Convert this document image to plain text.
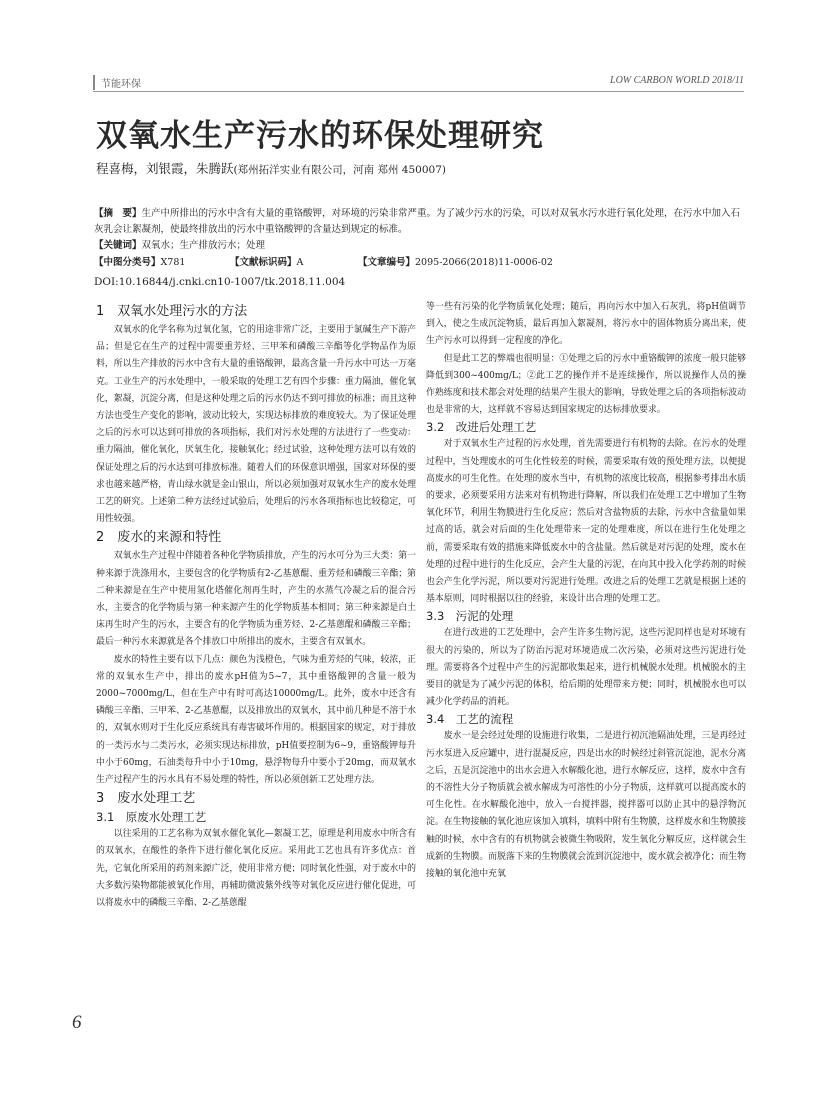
节能环保	LOW CARBON WORLD 2018/11
双氧水生产污水的环保处理研究
程喜梅，刘银霞，朱腾跃(郑州拓洋实业有限公司，河南 郑州 450007)
【摘　要】生产中所排出的污水中含有大量的重铬酸钾，对环境的污染非常严重。为了减少污水的污染，可以对双氧水污水进行氧化处理，在污水中加入石灰乳会让絮凝剂，使最终排放出的污水中重铬酸钾的含量达到规定的标准。
【关键词】双氧水；生产排放污水；处理
【中图分类号】X781	【文献标识码】A	【文章编号】2095-2066(2018)11-0006-02
DOI:10.16844/j.cnki.cn10-1007/tk.2018.11.004
1　双氧水处理污水的方法

双氧水的化学名称为过氧化氢，它的用途非常广泛，主要用于氯碱生产下游产品；但是它在生产的过程中需要重芳烃、三甲苯和磷酸三辛酯等化学物品作为原料，所以生产排放的污水中含有大量的重铬酸钾，最高含量一升污水中可达一万毫克。工业生产的污水处理中，一般采取的处理工艺有四个步骤：重力隔油，催化氧化，絮凝，沉淀分离，但是这种处理之后的污水仍达不到可排放的标准；而且这种方法也受生产变化的影响，波动比较大，实现达标排放的难度较大。为了保证处理之后的污水可以达到可排放的各项指标，我们对污水处理的方法进行了一些变动：重力隔油，催化氧化，厌氧生化，接触氧化；经过试验，这种处理方法可以有效的保证处理之后的污水达到可排放标准。随着人们的环保意识增强，国家对环保的要求也越来越严格，青山绿水就是金山银山，所以必须加强对双氧水生产的废水处理工艺的研究。上述第二种方法经过试验后，处理后的污水各项指标也比较稳定，可用性较强。

2　废水的来源和特性

双氧水生产过程中伴随着各种化学物质排放，产生的污水可分为三大类：第一种来源于洗涤用水，主要包含的化学物质有2-乙基蒽醌、重芳烃和磷酸三辛酯；第二种来源是在生产中使用氢化塔催化剂再生时，产生的水蒸气冷凝之后的混合污水，主要含的化学物质与第一种来源产生的化学物质基本相同；第三种来源是白土床再生时产生的污水，主要含有的化学物质为重芳烃、2-乙基蒽醌和磷酸三辛酯；最后一种污水来源就是各个排放口中所排出的废水，主要含有双氧水。

废水的特性主要有以下几点：颜色为浅橙色，气味为重芳烃的气味，较浓，正常的双氧水生产中，排出的废水pH值为5~7，其中重铬酸钾的含量一般为2000~7000mg/L，但在生产中有时可高达10000mg/L。此外，废水中还含有磷酸三辛酯、三甲苯、2-乙基蒽醌，以及排放出的双氧水，其中前几种是不溶于水的，双氧水则对于生化反应系统具有毒害破坏作用的。根据国家的规定，对于排放的一类污水与二类污水，必须实现达标排放，pH值要控制为6~9，重铬酸钾每升中小于60mg，石油类每升中小于10mg，悬浮物每升中要小于20mg，而双氧水生产过程产生的污水具有不易处理的特性，所以必须创新工艺处理方法。

3　废水处理工艺
3.1　原废水处理工艺

以往采用的工艺名称为双氧水催化氧化—絮凝工艺，原理是利用废水中所含有的双氧水，在酸性的条件下进行催化氧化反应。采用此工艺也具有许多优点：首先，它氧化所采用的药剂来源广泛，使用非常方便；同时氧化性强，对于废水中的大多数污染物都能被氧化作用，再辅助微波紫外线等对氧化反应进行催化促进，可以将废水中的磷酸三辛酯、2-乙基蒽醌

等一些有污染的化学物质氧化处理；随后，再向污水中加入石灰乳，将pH值调节到入，使之生成沉淀物质，最后再加入絮凝剂，将污水中的固体物质分离出来，使生产污水可以得到一定程度的净化。

但是此工艺的弊端也很明显：①处理之后的污水中重铬酸钾的浓度一般只能够降低到300~400mg/L；②此工艺的操作并不是连续操作，所以说操作人员的操作熟练度和技术都会对处理的结果产生很大的影响，导致处理之后的各项指标波动也是非常的大，这样就不容易达到国家规定的达标排放要求。

3.2　改进后处理工艺

对于双氧水生产过程的污水处理，首先需要进行有机物的去除。在污水的处理过程中，当处理废水的可生化性较差的时候，需要采取有效的预处理方法，以便提高废水的可生化性。在处理的废水当中，有机物的浓度比较高，根据参考排出水质的要求，必须要采用方法来对有机物进行降解，所以我们在处理工艺中增加了生物氧化环节，利用生物膜进行生化反应；然后对含盐物质的去除，污水中含盐量如果过高的话，就会对后面的生化处理带来一定的处理难度，所以在进行生化处理之前，需要采取有效的措施来降低废水中的含盐量。然后就是对污泥的处理，废水在处理的过程中进行的生化反应，会产生大量的污泥，在向其中投入化学药剂的时候也会产生化学污泥，所以要对污泥进行处理。改进之后的处理工艺就是根据上述的基本原则，同时根据以往的经验，来设计出合理的处理工艺。

3.3　污泥的处理

在进行改进的工艺处理中，会产生许多生物污泥，这些污泥同样也是对环境有很大的污染的，所以为了防治污泥对环境造成二次污染，必须对这些污泥进行处理。需要将各个过程中产生的污泥都收集起来，进行机械脱水处理。机械脱水的主要目的就是为了减少污泥的体积，给后期的处理带来方便；同时，机械脱水也可以减少化学药品的消耗。

3.4　工艺的流程

废水一是会经过处理的设施进行收集，二是进行初沉池隔油处理，三是再经过污水泵进入反应罐中，进行混凝反应，四是出水的时候经过斜管沉淀池，泥水分离之后，五是沉淀池中的出水会进入水解酸化池，进行水解反应，这样，废水中含有的不溶性大分子物质就会被水解成为可溶性的小分子物质，这样就可以提高废水的可生化性。在水解酸化池中，放入一台搅拌器，搅拌器可以防止其中的悬浮物沉淀。在生物接触的氧化池应该加入填料，填料中附有生物膜，这样废水和生物膜接触的时候，水中含有的有机物就会被微生物吸附，发生氧化分解反应，这样就会生成新的生物膜。而脱落下来的生物膜就会流到沉淀池中，废水就会被净化；而生物接触的氧化池中充氧

6
